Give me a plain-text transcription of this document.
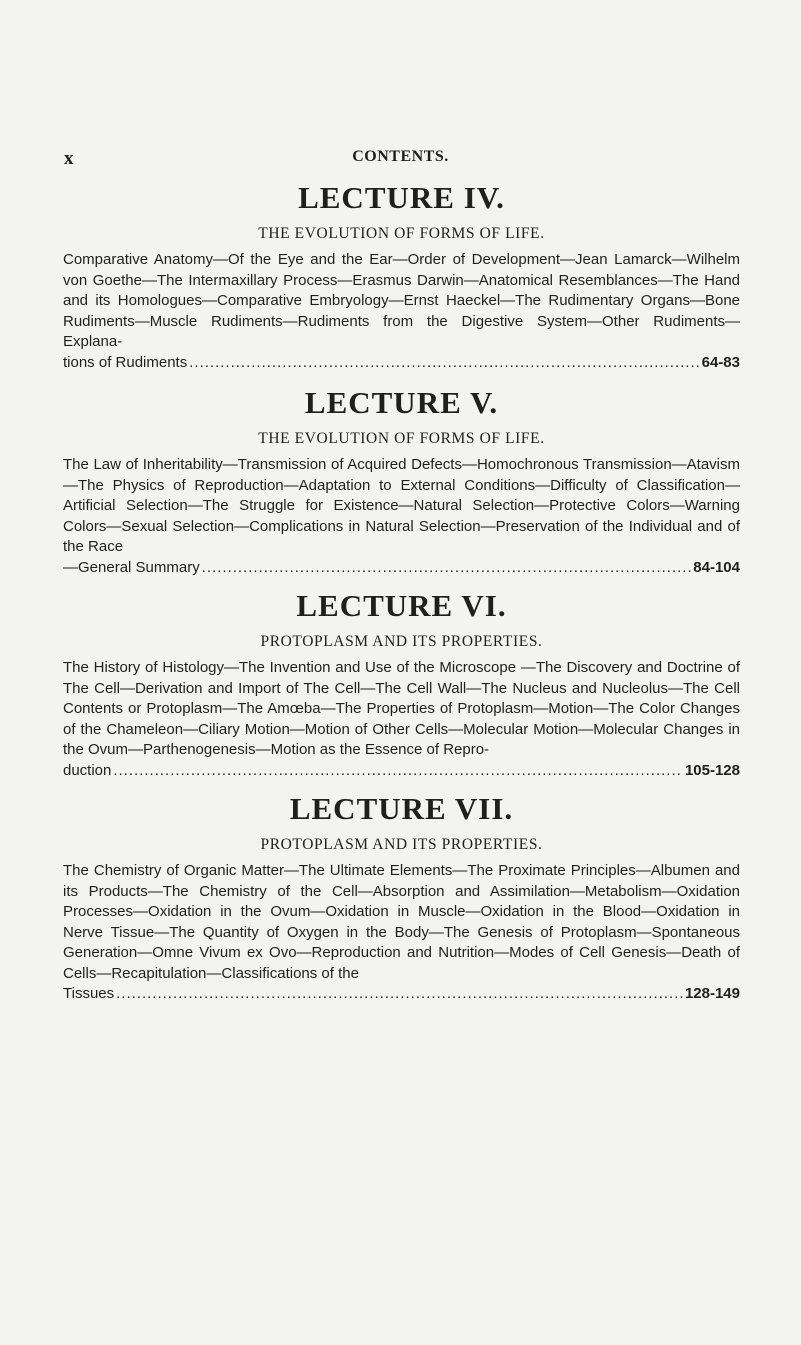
x	CONTENTS.
LECTURE IV.
THE EVOLUTION OF FORMS OF LIFE.

Comparative Anatomy—Of the Eye and the Ear—Order of Development—Jean Lamarck—Wilhelm von Goethe—The Intermaxillary Process—Erasmus Darwin—Anatomical Resemblances—The Hand and its Homologues—Comparative Embryology—Ernst Haeckel—The Rudimentary Organs—Bone Rudiments—Muscle Rudiments—Rudiments from the Digestive System—Other Rudiments—Explana-

tions of Rudiments .....	64-83
LECTURE V.
THE EVOLUTION OF FORMS OF LIFE.

The Law of Inheritability—Transmission of Acquired Defects—Homochronous Transmission—Atavism—The Physics of Reproduction—Adaptation to External Conditions—Difficulty of Classification—Artificial Selection—The Struggle for Existence—Natural Selection—Protective Colors—Warning Colors—Sexual Selection—Complications in Natural Selection—Preservation of the Individual and of the Race

—General Summary .....	84-104
LECTURE VI.
PROTOPLASM AND ITS PROPERTIES.

The History of Histology—The Invention and Use of the Microscope —The Discovery and Doctrine of The Cell—Derivation and Import of The Cell—The Cell Wall—The Nucleus and Nucleolus—The Cell Contents or Protoplasm—The Amœba—The Properties of Protoplasm—Motion—The Color Changes of the Chameleon—Ciliary Motion—Motion of Other Cells—Molecular Motion—Molecular Changes in the Ovum—Parthenogenesis—Motion as the Essence of Repro-

duction .....	105-128
LECTURE VII.
PROTOPLASM AND ITS PROPERTIES.

The Chemistry of Organic Matter—The Ultimate Elements—The Proximate Principles—Albumen and its Products—The Chemistry of the Cell—Absorption and Assimilation—Metabolism—Oxidation Processes—Oxidation in the Ovum—Oxidation in Muscle—Oxidation in the Blood—Oxidation in Nerve Tissue—The Quantity of Oxygen in the Body—The Genesis of Protoplasm—Spontaneous Generation—Omne Vivum ex Ovo—Reproduction and Nutrition—Modes of Cell Genesis—Death of Cells—Recapitulation—Classifications of the

Tissues .....	128-149
